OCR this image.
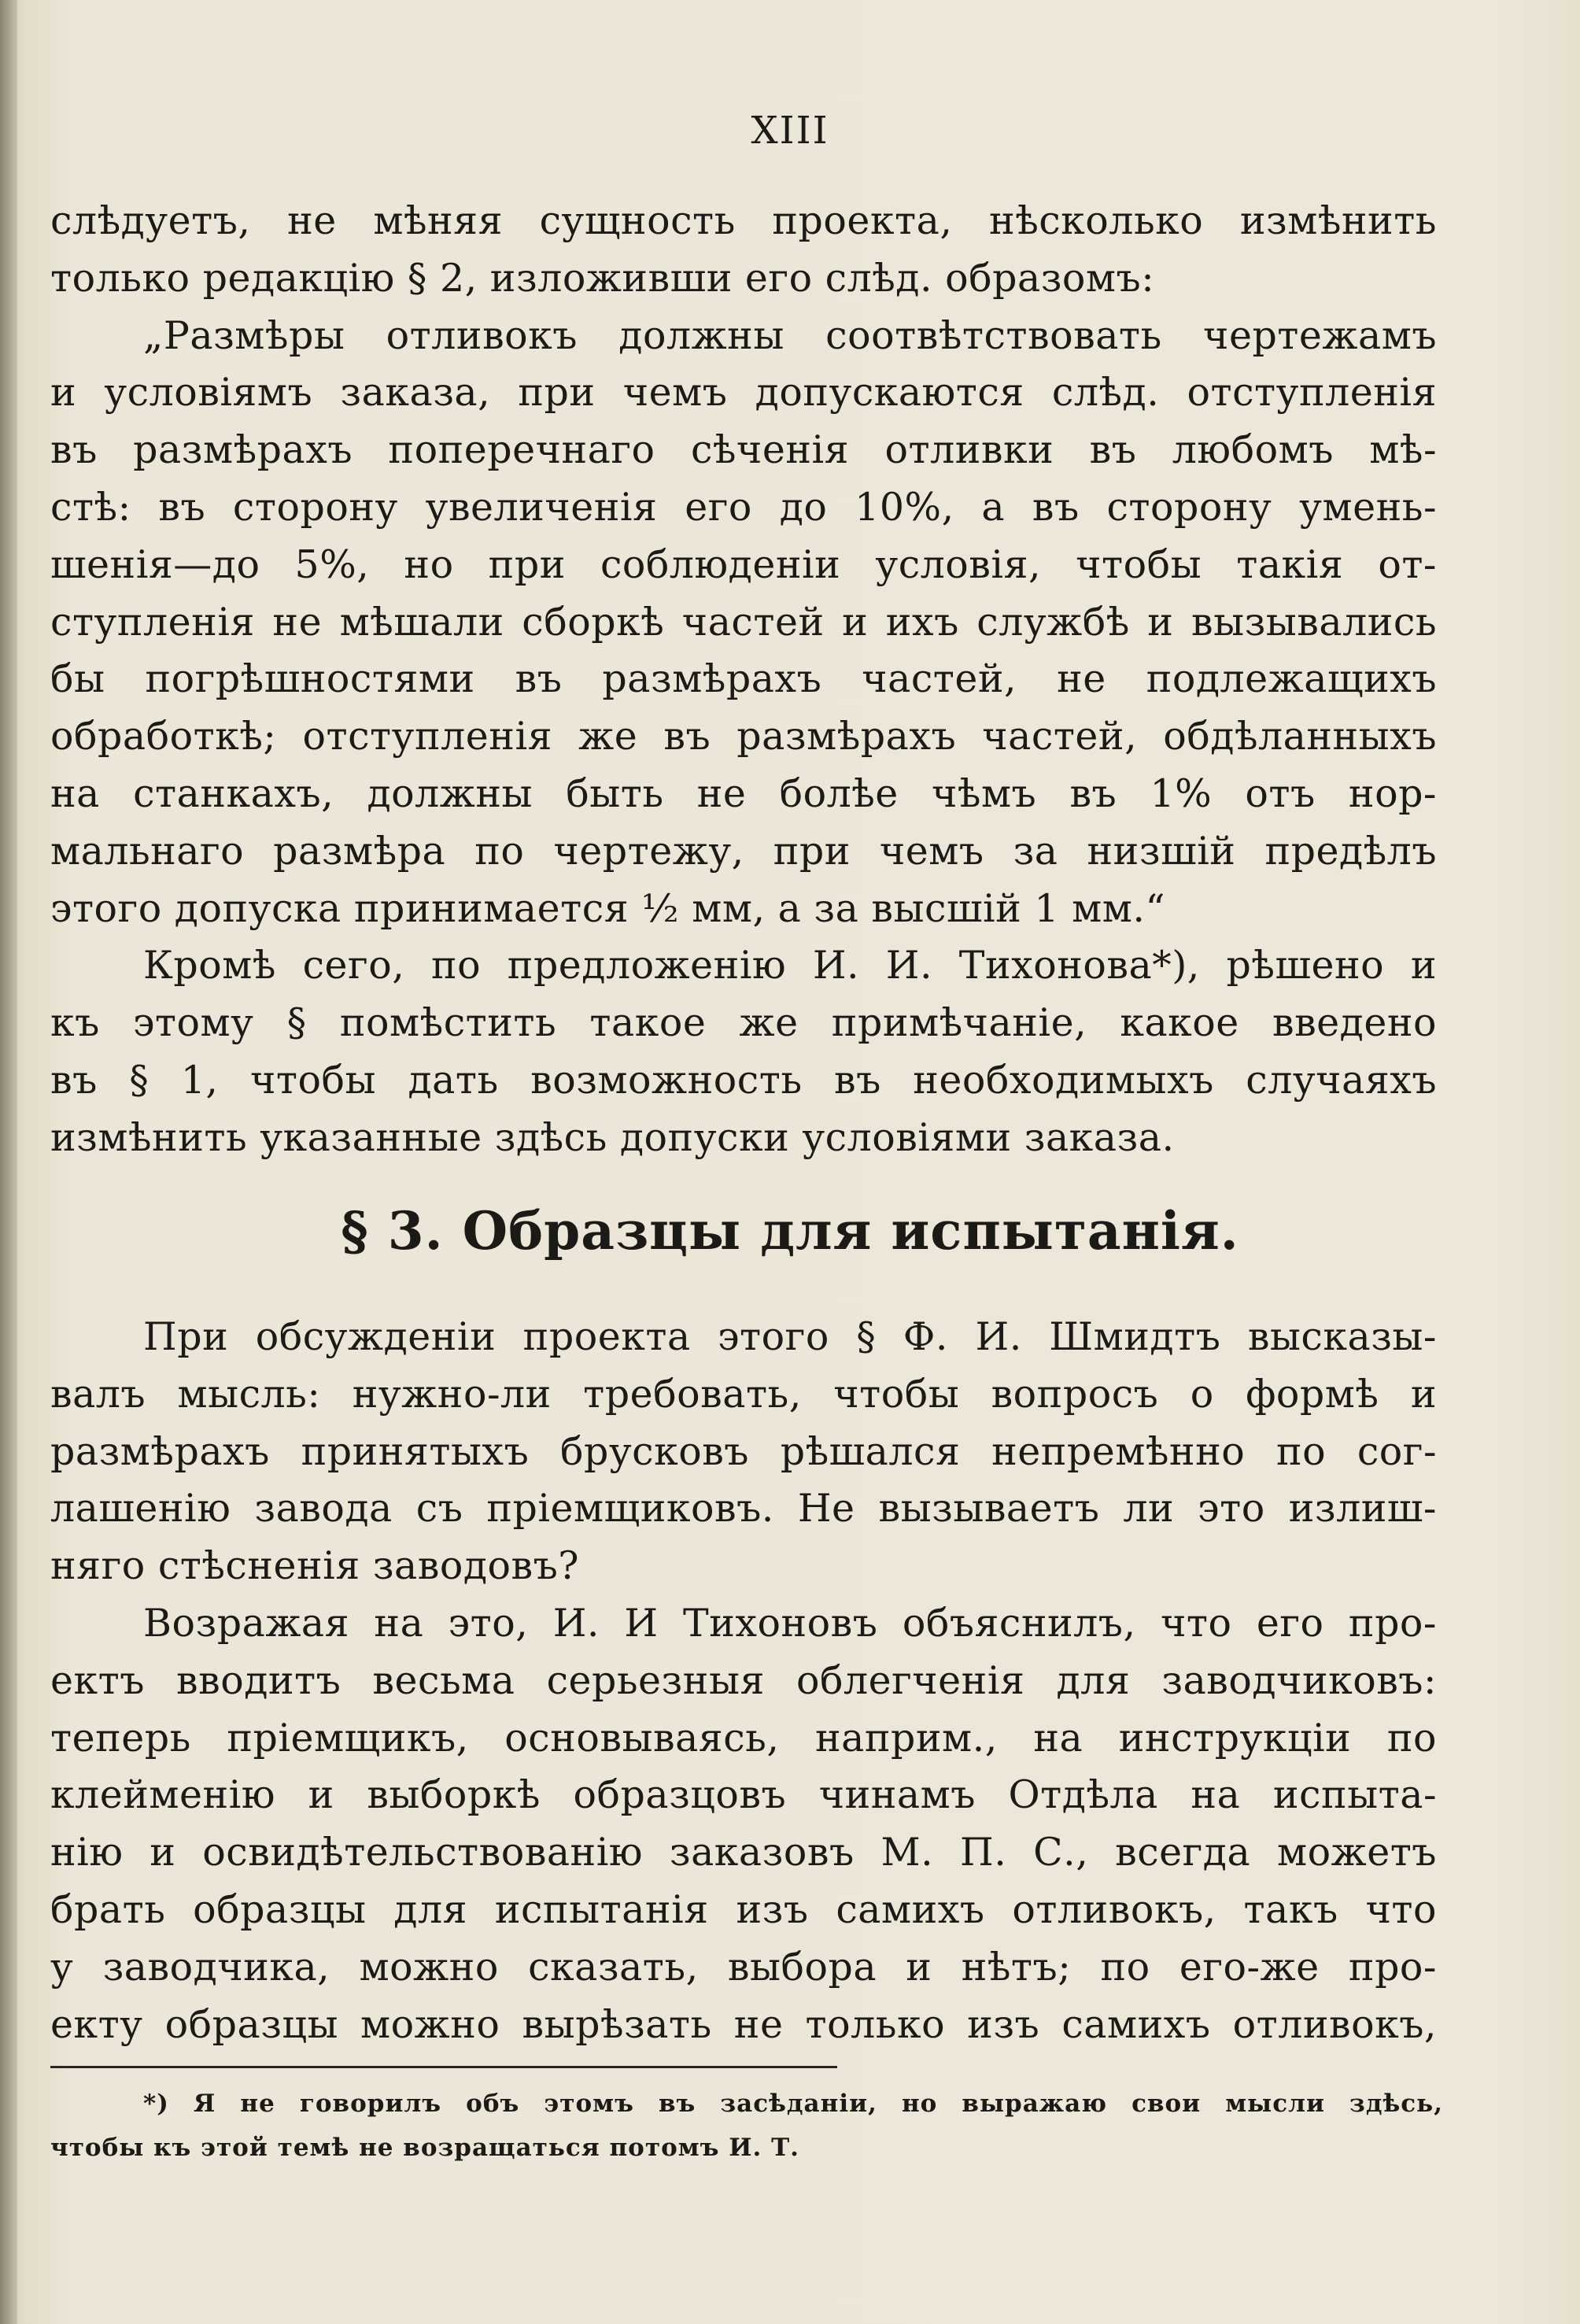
XIII
слѣдуетъ, не мѣняя сущность проекта, нѣсколько измѣнить
только редакцію § 2, изложивши его слѣд. образомъ:
„Размѣры отливокъ должны соотвѣтствовать чертежамъ
и условіямъ заказа, при чемъ допускаются слѣд. отступленія
въ размѣрахъ поперечнаго сѣченія отливки въ любомъ мѣ-
стѣ: въ сторону увеличенія его до 10%, а въ сторону умень-
шенія—до 5%, но при соблюденіи условія, чтобы такія от-
ступленія не мѣшали сборкѣ частей и ихъ службѣ и вызывались
бы погрѣшностями въ размѣрахъ частей, не подлежащихъ
обработкѣ; отступленія же въ размѣрахъ частей, обдѣланныхъ
на станкахъ, должны быть не болѣе чѣмъ въ 1% отъ нор-
мальнаго размѣра по чертежу, при чемъ за низшій предѣлъ
этого допуска принимается ½ мм, а за высшій 1 мм.“
Кромѣ сего, по предложенію И. И. Тихонова*), рѣшено и
къ этому § помѣстить такое же примѣчаніе, какое введено
въ § 1, чтобы дать возможность въ необходимыхъ случаяхъ
измѣнить указанные здѣсь допуски условіями заказа.
§ 3. Образцы для испытанія.
При обсужденіи проекта этого § Ф. И. Шмидтъ высказы-
валъ мысль: нужно-ли требовать, чтобы вопросъ о формѣ и
размѣрахъ принятыхъ брусковъ рѣшался непремѣнно по сог-
лашенію завода съ пріемщиковъ. Не вызываетъ ли это излиш-
няго стѣсненія заводовъ?
Возражая на это, И. И Тихоновъ объяснилъ, что его про-
ектъ вводитъ весьма серьезныя облегченія для заводчиковъ:
теперь пріемщикъ, основываясь, наприм., на инструкціи по
клейменію и выборкѣ образцовъ чинамъ Отдѣла на испыта-
нію и освидѣтельствованію заказовъ М. П. С., всегда можетъ
брать образцы для испытанія изъ самихъ отливокъ, такъ что
у заводчика, можно сказать, выбора и нѣтъ; по его-же про-
екту образцы можно вырѣзать не только изъ самихъ отливокъ,
*) Я не говорилъ объ этомъ въ засѣданіи, но выражаю свои мысли здѣсь,
чтобы къ этой темѣ не возращаться потомъ И. Т.
